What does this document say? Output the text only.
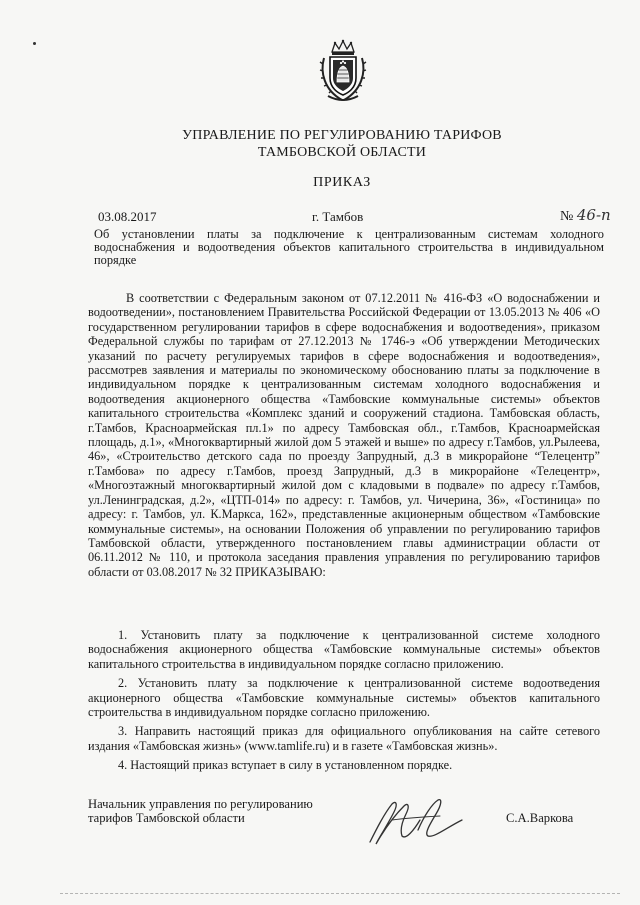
УПРАВЛЕНИЕ ПО РЕГУЛИРОВАНИЮ ТАРИФОВ
ТАМБОВСКОЙ ОБЛАСТИ
ПРИКАЗ
03.08.2017	г. Тамбов	№ 46-п
Об установлении платы за подключение к централизованным системам холодного водоснабжения и водоотведения объектов капитального строительства в индивидуальном порядке

В соответствии с Федеральным законом от 07.12.2011 № 416-ФЗ «О водоснабжении и водоотведении», постановлением Правительства Российской Федерации от 13.05.2013 № 406 «О государственном регулировании тарифов в сфере водоснабжения и водоотведения», приказом Федеральной службы по тарифам от 27.12.2013 № 1746-э «Об утверждении Методических указаний по расчету регулируемых тарифов в сфере водоснабжения и водоотведения», рассмотрев заявления и материалы по экономическому обоснованию платы за подключение в индивидуальном порядке к централизованным системам холодного водоснабжения и водоотведения акционерного общества «Тамбовские коммунальные системы» объектов капитального строительства «Комплекс зданий и сооружений стадиона. Тамбовская область, г.Тамбов, Красноармейская пл.1» по адресу Тамбовская обл., г.Тамбов, Красноармейская площадь, д.1», «Многоквартирный жилой дом 5 этажей и выше» по адресу г.Тамбов, ул.Рылеева, 46», «Строительство детского сада по проезду Запрудный, д.3 в микрорайоне “Телецентр” г.Тамбова» по адресу г.Тамбов, проезд Запрудный, д.3 в микрорайоне «Телецентр», «Многоэтажный многоквартирный жилой дом с кладовыми в подвале» по адресу г.Тамбов, ул.Ленинградская, д.2», «ЦТП-014» по адресу: г. Тамбов, ул. Чичерина, 36», «Гостиница» по адресу: г. Тамбов, ул. К.Маркса, 162», представленные акционерным обществом «Тамбовские коммунальные системы», на основании Положения об управлении по регулированию тарифов Тамбовской области, утвержденного постановлением главы администрации области от 06.11.2012 № 110, и протокола заседания правления управления по регулированию тарифов области от 03.08.2017 № 32 ПРИКАЗЫВАЮ:

1. Установить плату за подключение к централизованной системе холодного водоснабжения акционерного общества «Тамбовские коммунальные системы» объектов капитального строительства в индивидуальном порядке согласно приложению.

2. Установить плату за подключение к централизованной системе водоотведения акционерного общества «Тамбовские коммунальные системы» объектов капитального строительства в индивидуальном порядке согласно приложению.

3. Направить настоящий приказ для официального опубликования на сайте сетевого издания «Тамбовская жизнь» (www.tamlife.ru) и в газете «Тамбовская жизнь».

4. Настоящий приказ вступает в силу в установленном порядке.

Начальник управления по регулированию
тарифов Тамбовской области	С.А.Варкова
